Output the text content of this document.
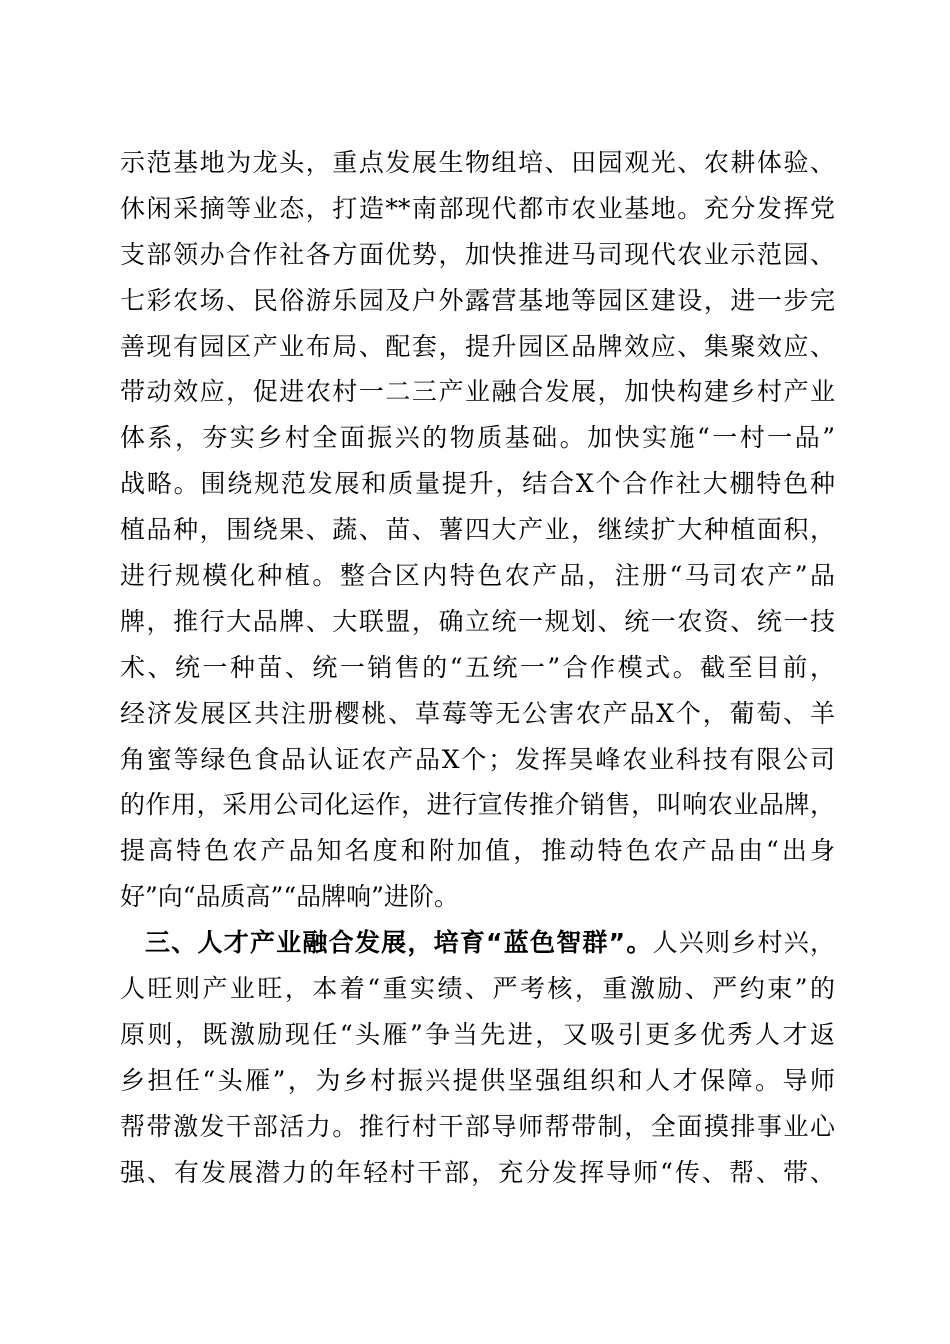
示范基地为龙头，重点发展生物组培、田园观光、农耕体验、
休闲采摘等业态，打造**南部现代都市农业基地。充分发挥党
支部领办合作社各方面优势，加快推进马司现代农业示范园、
七彩农场、民俗游乐园及户外露营基地等园区建设，进一步完
善现有园区产业布局、配套，提升园区品牌效应、集聚效应、
带动效应，促进农村一二三产业融合发展，加快构建乡村产业
体系，夯实乡村全面振兴的物质基础。加快实施“一村一品”
战略。围绕规范发展和质量提升，结合X个合作社大棚特色种
植品种，围绕果、蔬、苗、薯四大产业，继续扩大种植面积，
进行规模化种植。整合区内特色农产品，注册“马司农产”品
牌，推行大品牌、大联盟，确立统一规划、统一农资、统一技
术、统一种苗、统一销售的“五统一”合作模式。截至目前，
经济发展区共注册樱桃、草莓等无公害农产品X个，葡萄、羊
角蜜等绿色食品认证农产品X个；发挥昊峰农业科技有限公司
的作用，采用公司化运作，进行宣传推介销售，叫响农业品牌，
提高特色农产品知名度和附加值，推动特色农产品由“出身
好”向“品质高”“品牌响”进阶。
三、人才产业融合发展，培育“蓝色智群”。人兴则乡村兴，
人旺则产业旺，本着“重实绩、严考核，重激励、严约束”的
原则，既激励现任“头雁”争当先进，又吸引更多优秀人才返
乡担任“头雁”，为乡村振兴提供坚强组织和人才保障。导师
帮带激发干部活力。推行村干部导师帮带制，全面摸排事业心
强、有发展潜力的年轻村干部，充分发挥导师“传、帮、带、
